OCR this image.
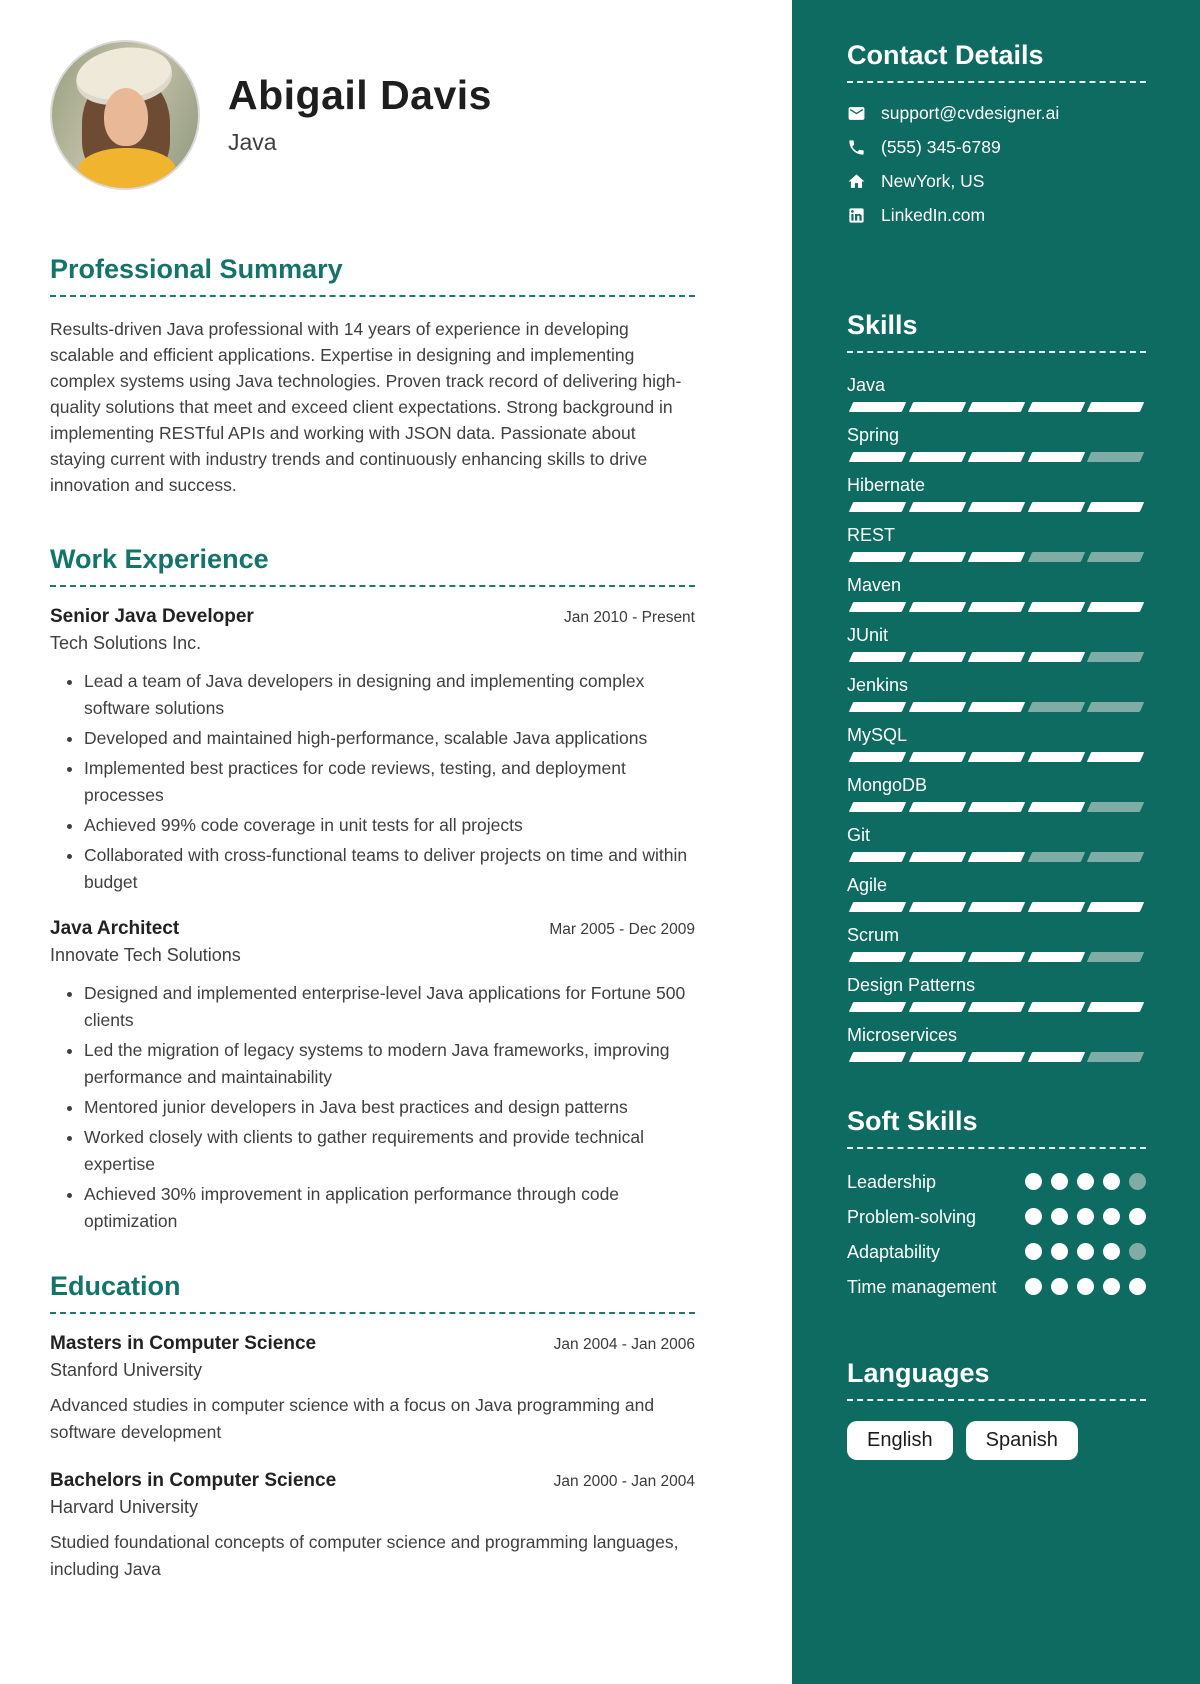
Abigail Davis
Java
Professional Summary

Results-driven Java professional with 14 years of experience in developing scalable and efficient applications. Expertise in designing and implementing complex systems using Java technologies. Proven track record of delivering high-quality solutions that meet and exceed client expectations. Strong background in implementing RESTful APIs and working with JSON data. Passionate about staying current with industry trends and continuously enhancing skills to drive innovation and success.

Work Experience
Senior Java Developer	Jan 2010 - Present
Tech Solutions Inc.
• Lead a team of Java developers in designing and implementing complex software solutions
• Developed and maintained high-performance, scalable Java applications
• Implemented best practices for code reviews, testing, and deployment processes
• Achieved 99% code coverage in unit tests for all projects
• Collaborated with cross-functional teams to deliver projects on time and within budget
Java Architect	Mar 2005 - Dec 2009
Innovate Tech Solutions
• Designed and implemented enterprise-level Java applications for Fortune 500 clients
• Led the migration of legacy systems to modern Java frameworks, improving performance and maintainability
• Mentored junior developers in Java best practices and design patterns
• Worked closely with clients to gather requirements and provide technical expertise
• Achieved 30% improvement in application performance through code optimization
Education
Masters in Computer Science	Jan 2004 - Jan 2006
Stanford University

Advanced studies in computer science with a focus on Java programming and software development

Bachelors in Computer Science	Jan 2000 - Jan 2004
Harvard University

Studied foundational concepts of computer science and programming languages, including Java

Contact Details
support@cvdesigner.ai
(555) 345-6789
NewYork, US
LinkedIn.com
Skills
Java
Spring
Hibernate
REST
Maven
JUnit
Jenkins
MySQL
MongoDB
Git
Agile
Scrum
Design Patterns
Microservices
Soft Skills
Leadership
Problem-solving
Adaptability
Time management
Languages
English	Spanish
